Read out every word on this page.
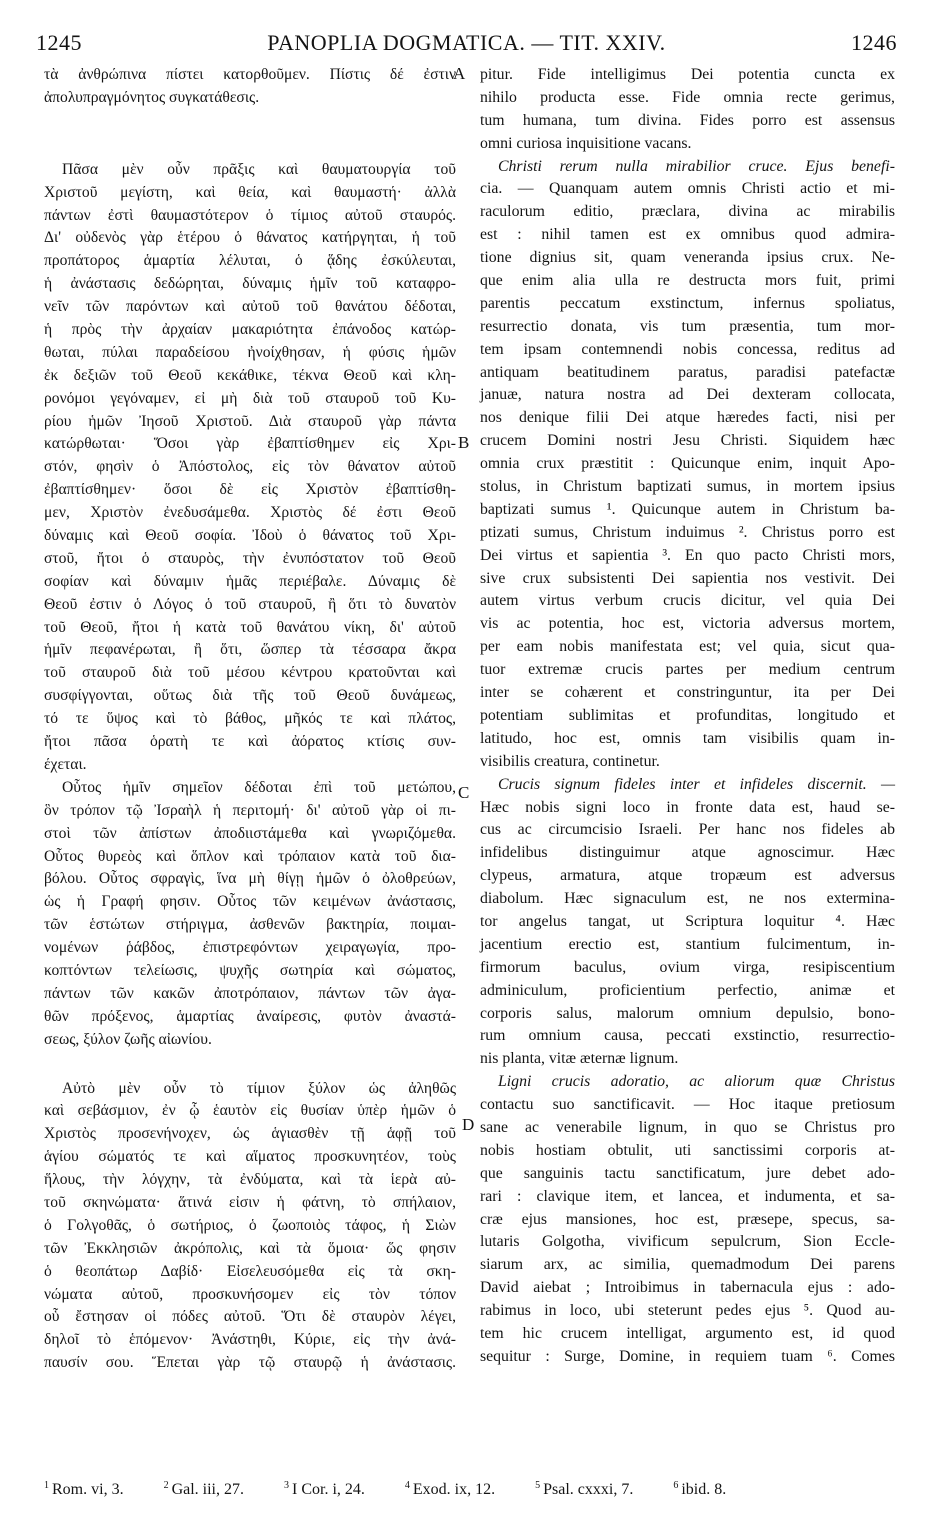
1245	PANOPLIA DOGMATICA. — TIT. XXIV.	1246
A
B
C
D
τὰ ἀνθρώπινα πίστει κατορθοῦμεν. Πίστις δέ ἐστιν
ἀπολυπραγμόνητος συγκατάθεσις.
Πᾶσα μὲν οὖν πρᾶξις καὶ θαυματουργία τοῦ
Χριστοῦ μεγίστη, καὶ θεία, καὶ θαυμαστή· ἀλλὰ
πάντων ἐστὶ θαυμαστότερον ὁ τίμιος αὐτοῦ σταυρός.
Δι' οὐδενὸς γὰρ ἑτέρου ὁ θάνατος κατήργηται, ἡ τοῦ
προπάτορος ἁμαρτία λέλυται, ὁ ᾅδης ἐσκύλευται,
ἡ ἀνάστασις δεδώρηται, δύναμις ἡμῖν τοῦ καταφρο-
νεῖν τῶν παρόντων καὶ αὐτοῦ τοῦ θανάτου δέδοται,
ἡ πρὸς τὴν ἀρχαίαν μακαριότητα ἐπάνοδος κατώρ-
θωται, πύλαι παραδείσου ἠνοίχθησαν, ἡ φύσις ἡμῶν
ἐκ δεξιῶν τοῦ Θεοῦ κεκάθικε, τέκνα Θεοῦ καὶ κλη-
ρονόμοι γεγόναμεν, εἰ μὴ διὰ τοῦ σταυροῦ τοῦ Κυ-
ρίου ἡμῶν Ἰησοῦ Χριστοῦ. Διὰ σταυροῦ γὰρ πάντα
κατώρθωται· Ὅσοι γὰρ ἐβαπτίσθημεν εἰς Χρι-
στόν, φησὶν ὁ Ἀπόστολος, εἰς τὸν θάνατον αὐτοῦ
ἐβαπτίσθημεν· ὅσοι δὲ εἰς Χριστὸν ἐβαπτίσθη-
μεν, Χριστὸν ἐνεδυσάμεθα. Χριστὸς δέ ἐστι Θεοῦ
δύναμις καὶ Θεοῦ σοφία. Ἰδοὺ ὁ θάνατος τοῦ Χρι-
στοῦ, ἤτοι ὁ σταυρὸς, τὴν ἐνυπόστατον τοῦ Θεοῦ
σοφίαν καὶ δύναμιν ἡμᾶς περιέβαλε. Δύναμις δὲ
Θεοῦ ἐστιν ὁ Λόγος ὁ τοῦ σταυροῦ, ἢ ὅτι τὸ δυνατὸν
τοῦ Θεοῦ, ἤτοι ἡ κατὰ τοῦ θανάτου νίκη, δι' αὐτοῦ
ἡμῖν πεφανέρωται, ἢ ὅτι, ὥσπερ τὰ τέσσαρα ἄκρα
τοῦ σταυροῦ διὰ τοῦ μέσου κέντρου κρατοῦνται καὶ
συσφίγγονται, οὕτως διὰ τῆς τοῦ Θεοῦ δυνάμεως,
τό τε ὕψος καὶ τὸ βάθος, μῆκός τε καὶ πλάτος,
ἤτοι πᾶσα ὁρατὴ τε καὶ ἀόρατος κτίσις συν-
έχεται.
Οὗτος ἡμῖν σημεῖον δέδοται ἐπὶ τοῦ μετώπου,
ὃν τρόπον τῷ Ἰσραὴλ ἡ περιτομή· δι' αὐτοῦ γὰρ οἱ πι-
στοὶ τῶν ἀπίστων ἀποδιιστάμεθα καὶ γνωριζόμεθα.
Οὗτος θυρεὸς καὶ ὅπλον καὶ τρόπαιον κατὰ τοῦ δια-
βόλου. Οὗτος σφραγὶς, ἵνα μὴ θίγῃ ἡμῶν ὁ ὀλοθρεύων,
ὡς ἡ Γραφή φησιν. Οὗτος τῶν κειμένων ἀνάστασις,
τῶν ἑστώτων στήριγμα, ἀσθενῶν βακτηρία, ποιμαι-
νομένων ῥάβδος, ἐπιστρεφόντων χειραγωγία, προ-
κοπτόντων τελείωσις, ψυχῆς σωτηρία καὶ σώματος,
πάντων τῶν κακῶν ἀποτρόπαιον, πάντων τῶν ἀγα-
θῶν πρόξενος, ἁμαρτίας ἀναίρεσις, φυτὸν ἀναστά-
σεως, ξύλον ζωῆς αἰωνίου.
Αὐτὸ μὲν οὖν τὸ τίμιον ξύλον ὡς ἀληθῶς
καὶ σεβάσμιον, ἐν ᾧ ἑαυτὸν εἰς θυσίαν ὑπὲρ ἡμῶν ὁ
Χριστὸς προσενήνοχεν, ὡς ἁγιασθὲν τῇ ἁφῇ τοῦ
ἁγίου σώματός τε καὶ αἵματος προσκυνητέον, τοὺς
ἥλους, τὴν λόγχην, τὰ ἐνδύματα, καὶ τὰ ἱερὰ αὐ-
τοῦ σκηνώματα· ἅτινά εἰσιν ἡ φάτνη, τὸ σπήλαιον,
ὁ Γολγοθᾶς, ὁ σωτήριος, ὁ ζωοποιὸς τάφος, ἡ Σιὼν
τῶν Ἐκκλησιῶν ἀκρόπολις, καὶ τὰ ὅμοια· ὥς φησιν
ὁ θεοπάτωρ Δαβίδ· Εἰσελευσόμεθα εἰς τὰ σκη-
νώματα αὐτοῦ, προσκυνήσομεν εἰς τὸν τόπον
οὗ ἔστησαν οἱ πόδες αὐτοῦ. Ὅτι δὲ σταυρὸν λέγει,
δηλοῖ τὸ ἑπόμενον· Ἀνάστηθι, Κύριε, εἰς τὴν ἀνά-
παυσίν σου. Ἕπεται γὰρ τῷ σταυρῷ ἡ ἀνάστασις.
pitur. Fide intelligimus Dei potentia cuncta ex
nihilo producta esse. Fide omnia recte gerimus,
tum humana, tum divina. Fides porro est assensus
omni curiosa inquisitione vacans.
Christi rerum nulla mirabilior cruce. Ejus benefi-
cia. — Quanquam autem omnis Christi actio et mi-
raculorum editio, præclara, divina ac mirabilis
est : nihil tamen est ex omnibus quod admira-
tione dignius sit, quam veneranda ipsius crux. Ne-
que enim alia ulla re destructa mors fuit, primi
parentis peccatum exstinctum, infernus spoliatus,
resurrectio donata, vis tum præsentia, tum mor-
tem ipsam contemnendi nobis concessa, reditus ad
antiquam beatitudinem paratus, paradisi patefactæ
januæ, natura nostra ad Dei dexteram collocata,
nos denique filii Dei atque hæredes facti, nisi per
crucem Domini nostri Jesu Christi. Siquidem hæc
omnia crux præstitit : Quicunque enim, inquit Apo-
stolus, in Christum baptizati sumus, in mortem ipsius
baptizati sumus ¹. Quicunque autem in Christum ba-
ptizati sumus, Christum induimus ². Christus porro est
Dei virtus et sapientia ³. En quo pacto Christi mors,
sive crux subsistenti Dei sapientia nos vestivit. Dei
autem virtus verbum crucis dicitur, vel quia Dei
vis ac potentia, hoc est, victoria adversus mortem,
per eam nobis manifestata est; vel quia, sicut qua-
tuor extremæ crucis partes per medium centrum
inter se cohærent et constringuntur, ita per Dei
potentiam sublimitas et profunditas, longitudo et
latitudo, hoc est, omnis tam visibilis quam in-
visibilis creatura, continetur.
Crucis signum fideles inter et infideles discernit. —
Hæc nobis signi loco in fronte data est, haud se-
cus ac circumcisio Israeli. Per hanc nos fideles ab
infidelibus distinguimur atque agnoscimur. Hæc
clypeus, armatura, atque tropæum est adversus
diabolum. Hæc signaculum est, ne nos extermina-
tor angelus tangat, ut Scriptura loquitur ⁴. Hæc
jacentium erectio est, stantium fulcimentum, in-
firmorum baculus, ovium virga, resipiscentium
adminiculum, proficientium perfectio, animæ et
corporis salus, malorum omnium depulsio, bono-
rum omnium causa, peccati exstinctio, resurrectio-
nis planta, vitæ æternæ lignum.
Ligni crucis adoratio, ac aliorum quæ Christus
contactu suo sanctificavit. — Hoc itaque pretiosum
sane ac venerabile lignum, in quo se Christus pro
nobis hostiam obtulit, uti sanctissimi corporis at-
que sanguinis tactu sanctificatum, jure debet ado-
rari : clavique item, et lancea, et indumenta, et sa-
cræ ejus mansiones, hoc est, præsepe, specus, sa-
lutaris Golgotha, vivificum sepulcrum, Sion Eccle-
siarum arx, ac similia, quemadmodum Dei parens
David aiebat ; Introibimus in tabernacula ejus : ado-
rabimus in loco, ubi steterunt pedes ejus ⁵. Quod au-
tem hic crucem intelligat, argumento est, id quod
sequitur : Surge, Domine, in requiem tuam ⁶. Comes
$^1$ Rom. vi, 3.	$^2$ Gal. iii, 27.	$^3$ I Cor. i, 24.	$^4$ Exod. ix, 12.	$^5$ Psal. cxxxi, 7.	$^6$ ibid. 8.
